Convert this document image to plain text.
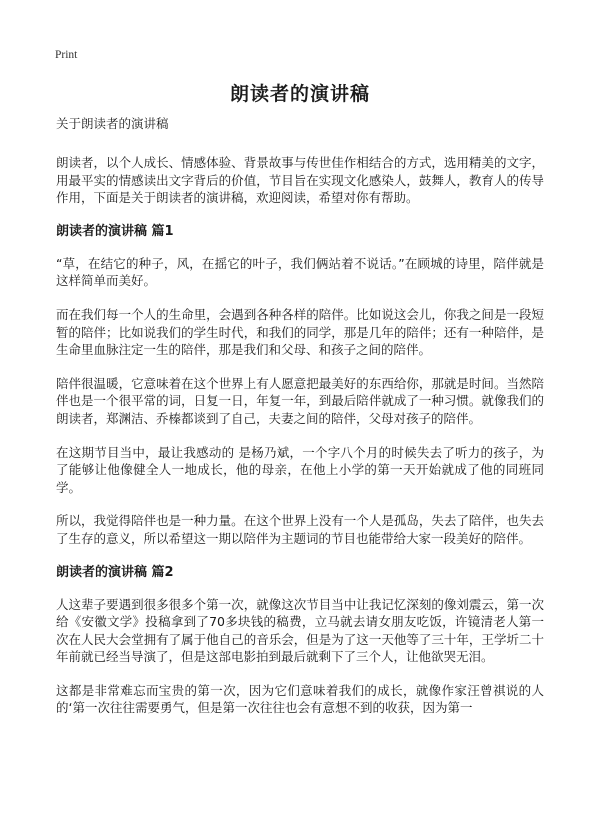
Print
朗读者的演讲稿
关于朗读者的演讲稿

朗读者，以个人成长、情感体验、背景故事与传世佳作相结合的方式，选用精美的文字，用最平实的情感读出文字背后的价值，节目旨在实现文化感染人，鼓舞人，教育人的传导作用，下面是关于朗读者的演讲稿，欢迎阅读，希望对你有帮助。

朗读者的演讲稿 篇1

“草，在结它的种子，风，在摇它的叶子，我们俩站着不说话。”在顾城的诗里，陪伴就是这样简单而美好。

而在我们每一个人的生命里，会遇到各种各样的陪伴。比如说这会儿，你我之间是一段短暂的陪伴；比如说我们的学生时代，和我们的同学，那是几年的陪伴；还有一种陪伴，是生命里血脉注定一生的陪伴，那是我们和父母、和孩子之间的陪伴。

陪伴很温暖，它意味着在这个世界上有人愿意把最美好的东西给你，那就是时间。当然陪伴也是一个很平常的词，日复一日，年复一年，到最后陪伴就成了一种习惯。就像我们的朗读者，郑渊洁、乔榛都谈到了自己，夫妻之间的陪伴，父母对孩子的陪伴。

在这期节目当中，最让我感动的 是杨乃斌，一个字八个月的时候失去了听力的孩子，为了能够让他像健全人一地成长，他的母亲，在他上小学的第一天开始就成了他的同班同学。

所以，我觉得陪伴也是一种力量。在这个世界上没有一个人是孤岛，失去了陪伴，也失去了生存的意义，所以希望这一期以陪伴为主题词的节目也能带给大家一段美好的陪伴。

朗读者的演讲稿 篇2

人这辈子要遇到很多很多个第一次，就像这次节目当中让我记忆深刻的像刘震云，第一次给《安徽文学》投稿拿到了70多块钱的稿费，立马就去请女朋友吃饭，许镜清老人第一次在人民大会堂拥有了属于他自己的音乐会，但是为了这一天他等了三十年，王学圻二十年前就已经当导演了，但是这部电影拍到最后就剩下了三个人，让他欲哭无泪。

这都是非常难忘而宝贵的第一次，因为它们意味着我们的成长，就像作家汪曾祺说的人的‘第一次往往需要勇气，但是第一次往往也会有意想不到的收获，因为第一
